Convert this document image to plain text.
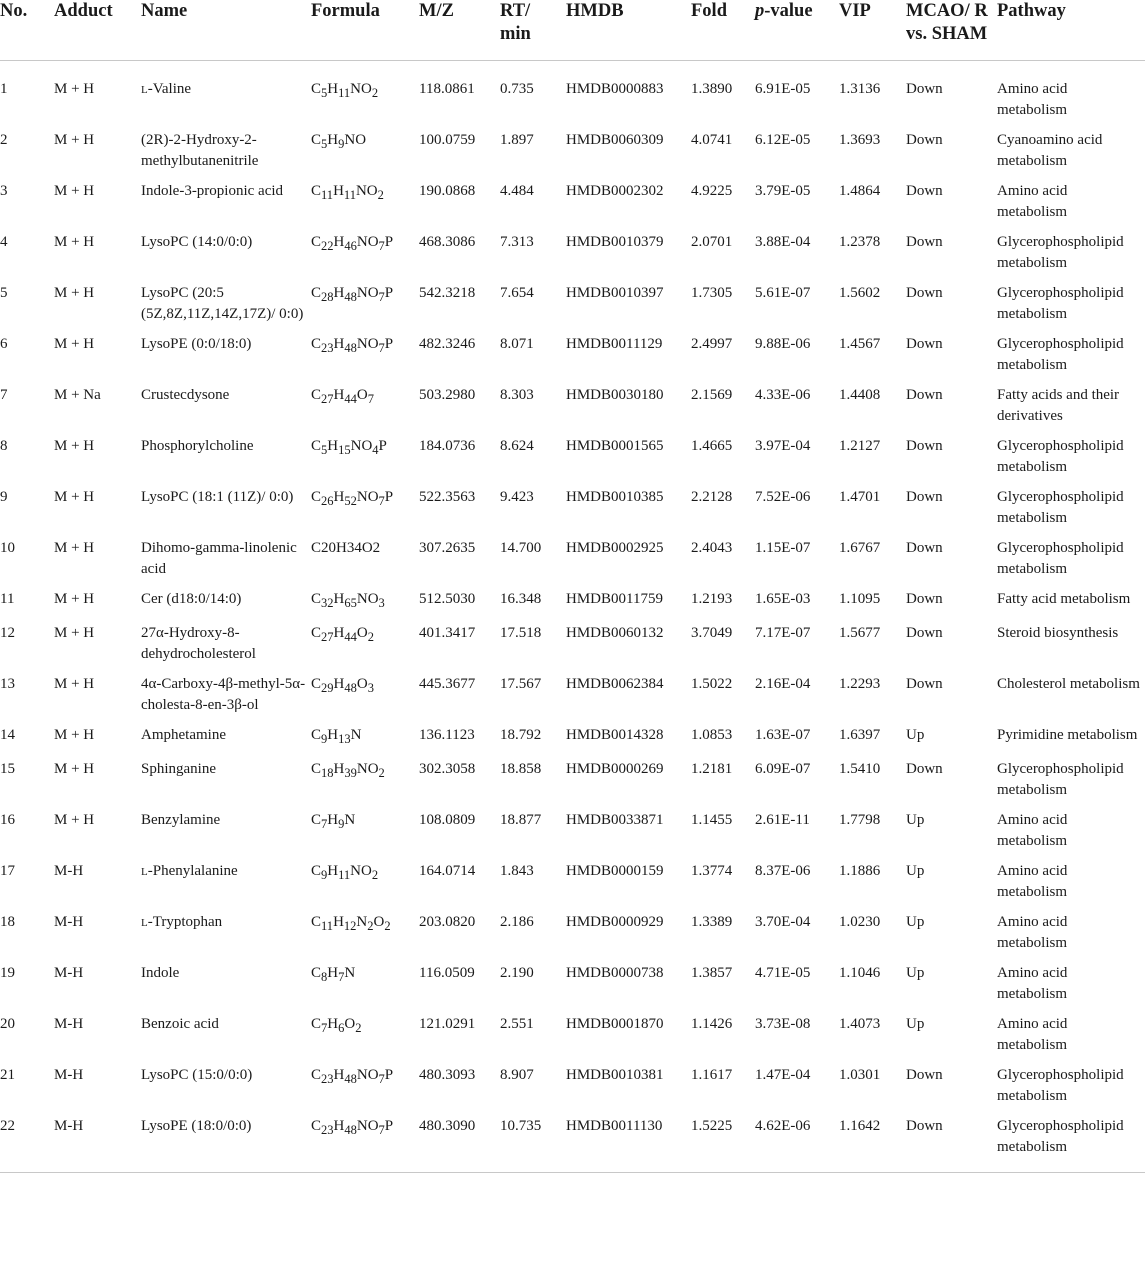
No.	Adduct	Name	Formula	M/Z	RT/ min	HMDB	Fold	p-value	VIP	MCAO/ R vs. SHAM	Pathway
1	M + H	l-Valine	$C_5H_{11}NO_2$	118.0861	0.735	HMDB0000883	1.3890	6.91E-05	1.3136	Down	Amino acid metabolism
2	M + H	(2R)-2-Hydroxy-2-methylbutanenitrile	$C_5H_9NO$	100.0759	1.897	HMDB0060309	4.0741	6.12E-05	1.3693	Down	Cyanoamino acid metabolism
3	M + H	Indole-3-propionic acid	$C_{11}H_{11}NO_2$	190.0868	4.484	HMDB0002302	4.9225	3.79E-05	1.4864	Down	Amino acid metabolism
4	M + H	LysoPC (14:0/0:0)	$C_{22}H_{46}NO_7P$	468.3086	7.313	HMDB0010379	2.0701	3.88E-04	1.2378	Down	Glycerophospholipid metabolism
5	M + H	LysoPC (20:5 (5Z,8Z,11Z,14Z,17Z)/ 0:0)	$C_{28}H_{48}NO_7P$	542.3218	7.654	HMDB0010397	1.7305	5.61E-07	1.5602	Down	Glycerophospholipid metabolism
6	M + H	LysoPE (0:0/18:0)	$C_{23}H_{48}NO_7P$	482.3246	8.071	HMDB0011129	2.4997	9.88E-06	1.4567	Down	Glycerophospholipid metabolism
7	M + Na	Crustecdysone	$C_{27}H_{44}O_7$	503.2980	8.303	HMDB0030180	2.1569	4.33E-06	1.4408	Down	Fatty acids and their derivatives
8	M + H	Phosphorylcholine	$C_5H_{15}NO_4P$	184.0736	8.624	HMDB0001565	1.4665	3.97E-04	1.2127	Down	Glycerophospholipid metabolism
9	M + H	LysoPC (18:1 (11Z)/ 0:0)	$C_{26}H_{52}NO_7P$	522.3563	9.423	HMDB0010385	2.2128	7.52E-06	1.4701	Down	Glycerophospholipid metabolism
10	M + H	Dihomo-gamma-linolenic acid	C20H34O2	307.2635	14.700	HMDB0002925	2.4043	1.15E-07	1.6767	Down	Glycerophospholipid metabolism
11	M + H	Cer (d18:0/14:0)	$C_{32}H_{65}NO_3$	512.5030	16.348	HMDB0011759	1.2193	1.65E-03	1.1095	Down	Fatty acid metabolism
12	M + H	27α-Hydroxy-8-dehydrocholesterol	$C_{27}H_{44}O_2$	401.3417	17.518	HMDB0060132	3.7049	7.17E-07	1.5677	Down	Steroid biosynthesis
13	M + H	4α-Carboxy-4β-methyl-5α-cholesta-8-en-3β-ol	$C_{29}H_{48}O_3$	445.3677	17.567	HMDB0062384	1.5022	2.16E-04	1.2293	Down	Cholesterol metabolism
14	M + H	Amphetamine	$C_9H_{13}N$	136.1123	18.792	HMDB0014328	1.0853	1.63E-07	1.6397	Up	Pyrimidine metabolism
15	M + H	Sphinganine	$C_{18}H_{39}NO_2$	302.3058	18.858	HMDB0000269	1.2181	6.09E-07	1.5410	Down	Glycerophospholipid metabolism
16	M + H	Benzylamine	$C_7H_9N$	108.0809	18.877	HMDB0033871	1.1455	2.61E-11	1.7798	Up	Amino acid metabolism
17	M-H	l-Phenylalanine	$C_9H_{11}NO_2$	164.0714	1.843	HMDB0000159	1.3774	8.37E-06	1.1886	Up	Amino acid metabolism
18	M-H	l-Tryptophan	$C_{11}H_{12}N_2O_2$	203.0820	2.186	HMDB0000929	1.3389	3.70E-04	1.0230	Up	Amino acid metabolism
19	M-H	Indole	$C_8H_7N$	116.0509	2.190	HMDB0000738	1.3857	4.71E-05	1.1046	Up	Amino acid metabolism
20	M-H	Benzoic acid	$C_7H_6O_2$	121.0291	2.551	HMDB0001870	1.1426	3.73E-08	1.4073	Up	Amino acid metabolism
21	M-H	LysoPC (15:0/0:0)	$C_{23}H_{48}NO_7P$	480.3093	8.907	HMDB0010381	1.1617	1.47E-04	1.0301	Down	Glycerophospholipid metabolism
22	M-H	LysoPE (18:0/0:0)	$C_{23}H_{48}NO_7P$	480.3090	10.735	HMDB0011130	1.5225	4.62E-06	1.1642	Down	Glycerophospholipid metabolism
